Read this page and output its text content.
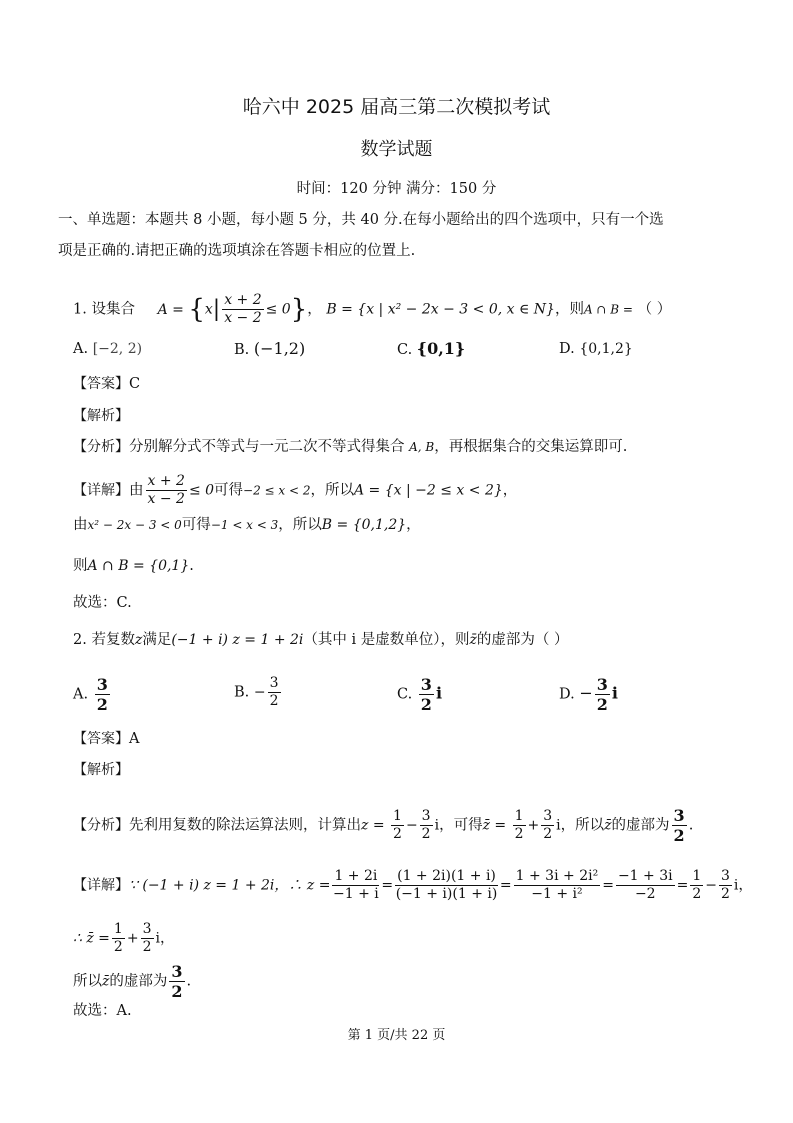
哈六中 2025 届高三第二次模拟考试
数学试题
时间：120 分钟 满分：150 分
一、单选题：本题共 8 小题，每小题 5 分，共 40 分.在每小题给出的四个选项中，只有一个选
项是正确的.请把正确的选项填涂在答题卡相应的位置上.
1. 设集合 $A = \{x| \frac{x + 2}{x - 2} \le 0\}$， B = {x | x² − 2x − 3 < 0, x ∈ N}，则A ∩ B = （ ）
A. [−2, 2)	B. (−1,2)	C. {0,1}	D. {0,1,2}
【答案】C
【解析】
【分析】分别解分式不等式与一元二次不等式得集合 A, B，再根据集合的交集运算即可.
【详解】由 $\frac{x + 2}{x - 2} \le 0$可得−2 ≤ x < 2，所以A = {x | −2 ≤ x < 2}，
由x² − 2x − 3 < 0可得−1 < x < 3，所以B = {0,1,2}，
则A ∩ B = {0,1}.
故选：C.
2. 若复数z满足(−1 + i) z = 1 + 2i（其中 i 是虚数单位），则z̄的虚部为（ ）
A. $\frac{3}{2}$	B. − $\frac{3}{2}$	C. $\frac{3}{2}$ i	D. − $\frac{3}{2}$ i
【答案】A
【解析】
【分析】先利用复数的除法运算法则，计算出$z = \frac{1}{2} - \frac{3}{2}$ i，可得z̄ = $\frac{1}{2} + \frac{3}{2}$ i，所以z̄的虚部为 $\frac{3}{2}$ .
【详解】∵ (−1 + i) z = 1 + 2i，∴ $z = \frac{1 + 2i}{-1 + i} = \frac{(1 + 2i)(1 + i)}{(-1 + i)(1 + i)} = \frac{\text{1 + 3i + 2i²}}{\text{−1 + i²}} = \frac{-1 + 3i}{-2} = \frac{1}{2} - \frac{3}{2}$ i，
∴ z̄ = $\frac{1}{2} + \frac{3}{2}$ i，
所以z̄的虚部为 $\frac{3}{2}$ .
故选：A.
第 1 页/共 22 页
